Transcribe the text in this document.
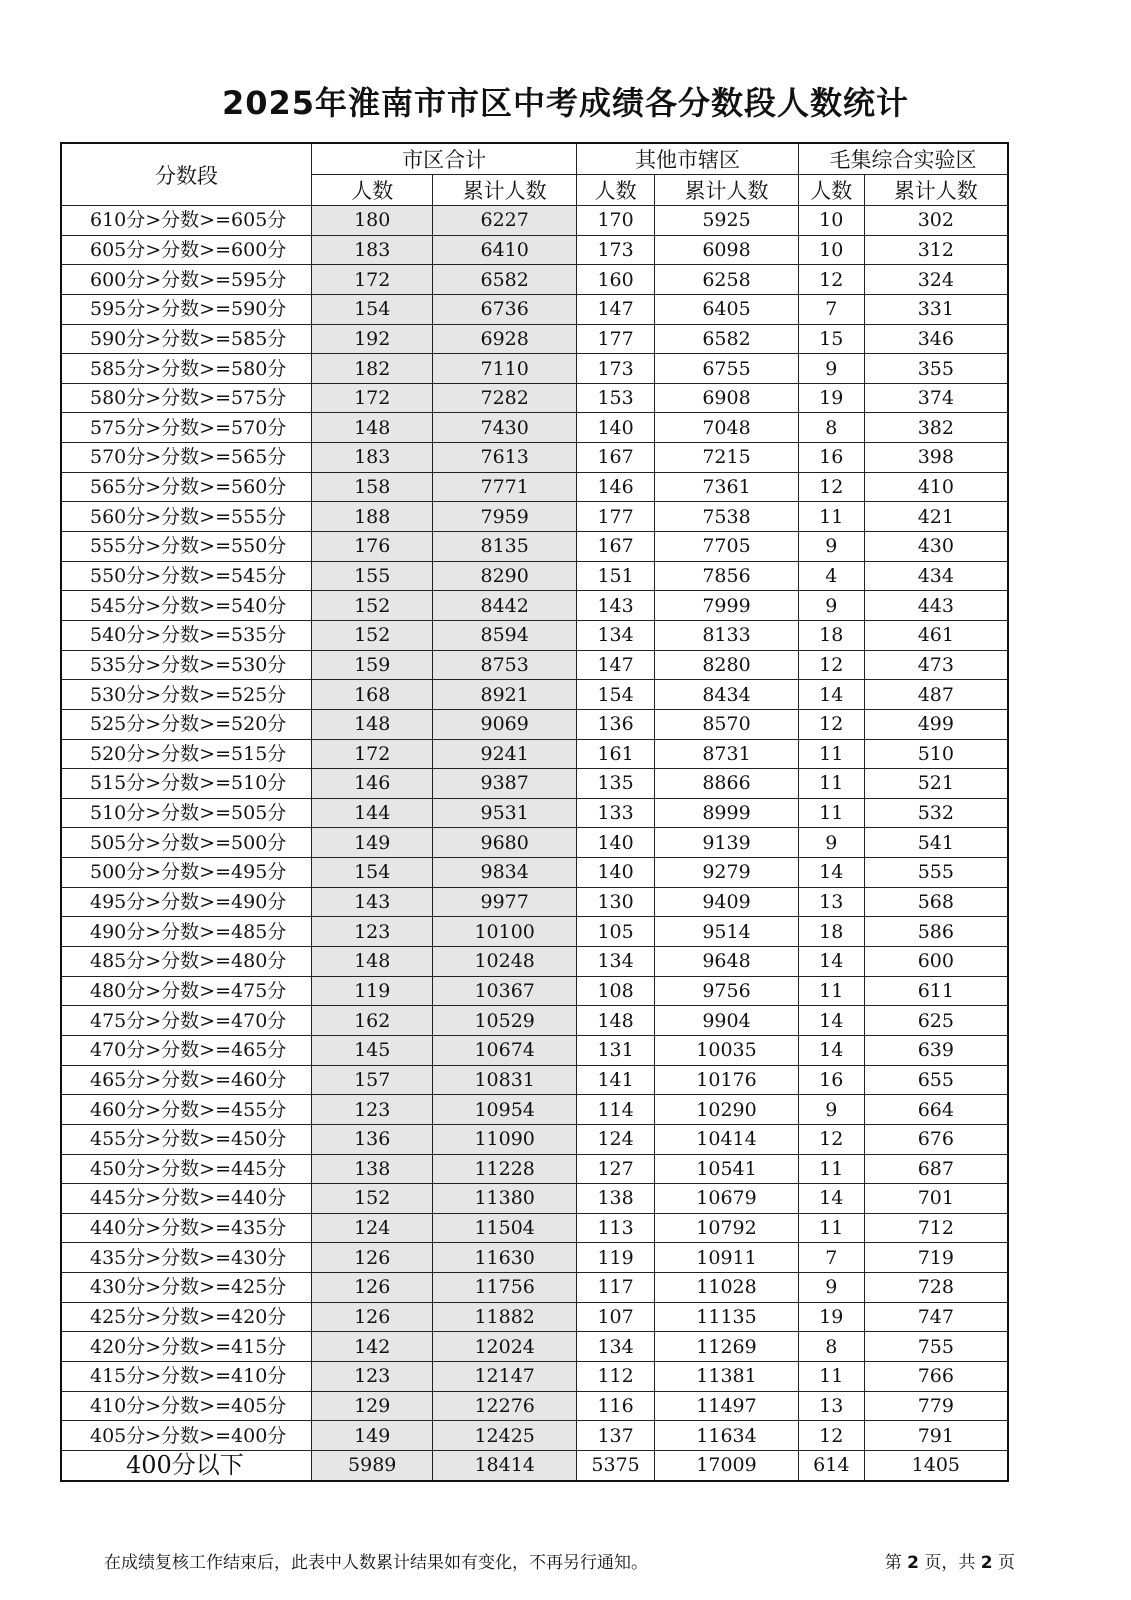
2025年淮南市市区中考成绩各分数段人数统计
分数段	市区合计		其他市辖区		毛集综合实验区	
	人数	累计人数	人数	累计人数	人数	累计人数
610分>分数>=605分	180	6227	170	5925	10	302
605分>分数>=600分	183	6410	173	6098	10	312
600分>分数>=595分	172	6582	160	6258	12	324
595分>分数>=590分	154	6736	147	6405	7	331
590分>分数>=585分	192	6928	177	6582	15	346
585分>分数>=580分	182	7110	173	6755	9	355
580分>分数>=575分	172	7282	153	6908	19	374
575分>分数>=570分	148	7430	140	7048	8	382
570分>分数>=565分	183	7613	167	7215	16	398
565分>分数>=560分	158	7771	146	7361	12	410
560分>分数>=555分	188	7959	177	7538	11	421
555分>分数>=550分	176	8135	167	7705	9	430
550分>分数>=545分	155	8290	151	7856	4	434
545分>分数>=540分	152	8442	143	7999	9	443
540分>分数>=535分	152	8594	134	8133	18	461
535分>分数>=530分	159	8753	147	8280	12	473
530分>分数>=525分	168	8921	154	8434	14	487
525分>分数>=520分	148	9069	136	8570	12	499
520分>分数>=515分	172	9241	161	8731	11	510
515分>分数>=510分	146	9387	135	8866	11	521
510分>分数>=505分	144	9531	133	8999	11	532
505分>分数>=500分	149	9680	140	9139	9	541
500分>分数>=495分	154	9834	140	9279	14	555
495分>分数>=490分	143	9977	130	9409	13	568
490分>分数>=485分	123	10100	105	9514	18	586
485分>分数>=480分	148	10248	134	9648	14	600
480分>分数>=475分	119	10367	108	9756	11	611
475分>分数>=470分	162	10529	148	9904	14	625
470分>分数>=465分	145	10674	131	10035	14	639
465分>分数>=460分	157	10831	141	10176	16	655
460分>分数>=455分	123	10954	114	10290	9	664
455分>分数>=450分	136	11090	124	10414	12	676
450分>分数>=445分	138	11228	127	10541	11	687
445分>分数>=440分	152	11380	138	10679	14	701
440分>分数>=435分	124	11504	113	10792	11	712
435分>分数>=430分	126	11630	119	10911	7	719
430分>分数>=425分	126	11756	117	11028	9	728
425分>分数>=420分	126	11882	107	11135	19	747
420分>分数>=415分	142	12024	134	11269	8	755
415分>分数>=410分	123	12147	112	11381	11	766
410分>分数>=405分	129	12276	116	11497	13	779
405分>分数>=400分	149	12425	137	11634	12	791
400分以下	5989	18414	5375	17009	614	1405
在成绩复核工作结束后，此表中人数累计结果如有变化，不再另行通知。	第 2 页，共 2 页
